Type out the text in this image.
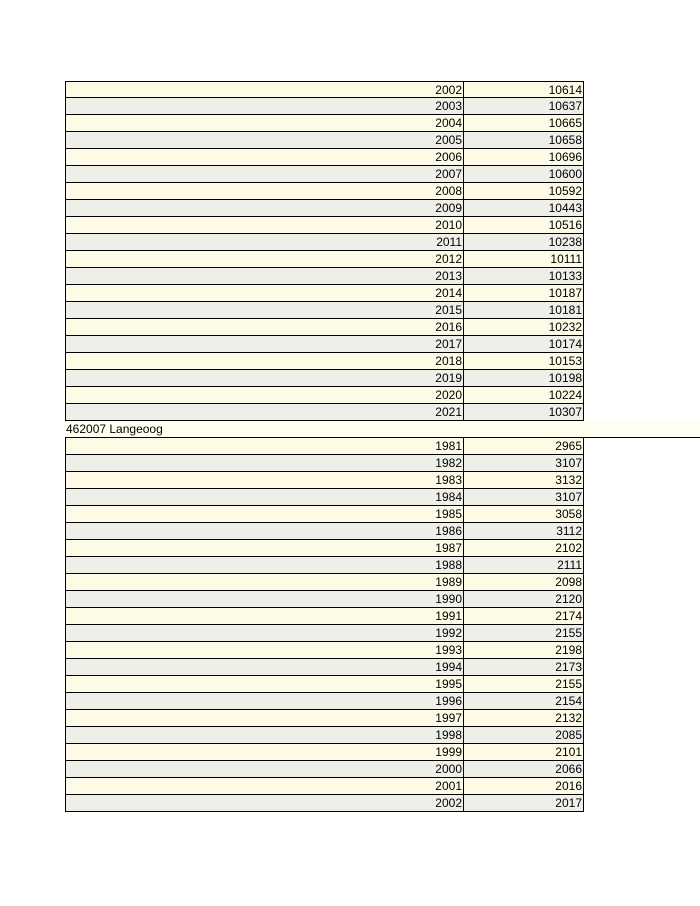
2002	10614
2003	10637
2004	10665
2005	10658
2006	10696
2007	10600
2008	10592
2009	10443
2010	10516
2011	10238
2012	10111
2013	10133
2014	10187
2015	10181
2016	10232
2017	10174
2018	10153
2019	10198
2020	10224
2021	10307
462007 Langeoog
1981	2965
1982	3107
1983	3132
1984	3107
1985	3058
1986	3112
1987	2102
1988	2111
1989	2098
1990	2120
1991	2174
1992	2155
1993	2198
1994	2173
1995	2155
1996	2154
1997	2132
1998	2085
1999	2101
2000	2066
2001	2016
2002	2017
